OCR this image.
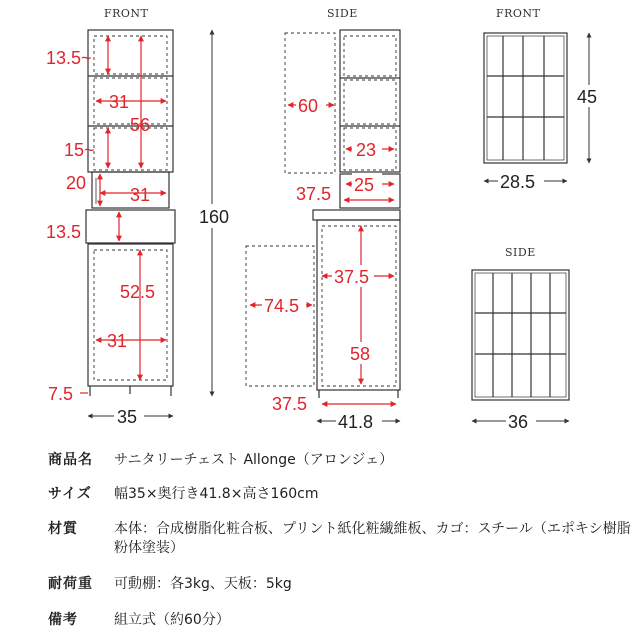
FRONT	SIDE	FRONT
SIDE
13.5~
31
56
15~
20
31
13.5
52.5
31
7.5
160
35
60
23
25
37.5
37.5
74.5
58
37.5
41.8
45
28.5
36
商品名 サニタリーチェスト Allonge（アロンジェ）
サイズ 幅35×奥行き41.8×高さ160cm
材質	本体：合成樹脂化粧合板、プリント紙化粧繊維板、カゴ：スチール（エポキシ樹脂粉体塗装）
耐荷重 可動棚：各3kg、天板：5kg
備考	組立式（約60分）
